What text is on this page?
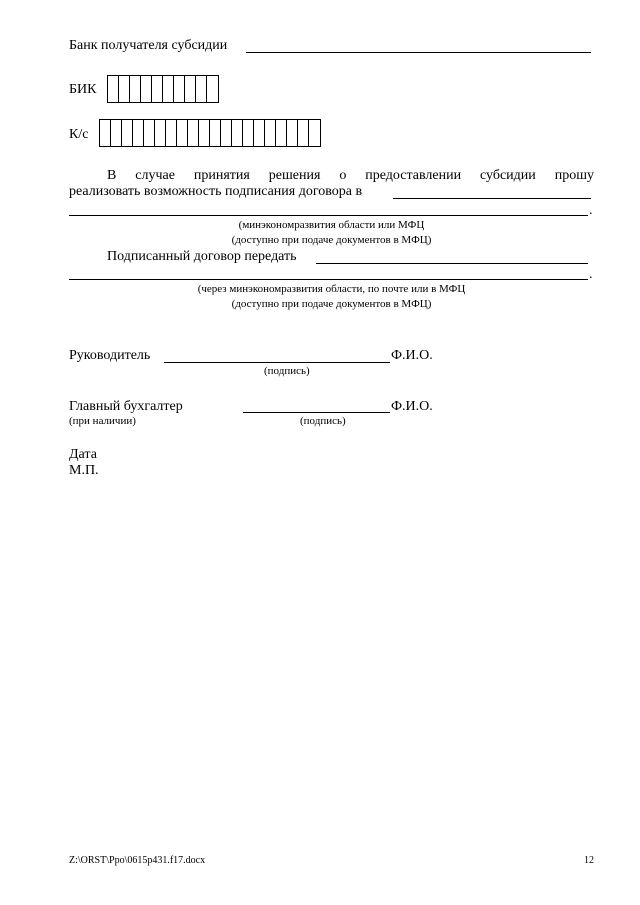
Банк получателя субсидии
БИК
К/с
В случае принятия решения о предоставлении субсидии прошу
реализовать возможность подписания договора в
.
(минэкономразвития области или МФЦ
(доступно при подаче документов в МФЦ)
Подписанный договор передать
.
(через минэкономразвития области, по почте или в МФЦ
(доступно при подаче документов в МФЦ)
Руководитель	Ф.И.О.
(подпись)
Главный бухгалтер	Ф.И.О.
(при наличии)	(подпись)
Дата
М.П.
Z:\ORST\Ppo\0615p431.f17.docx	12
